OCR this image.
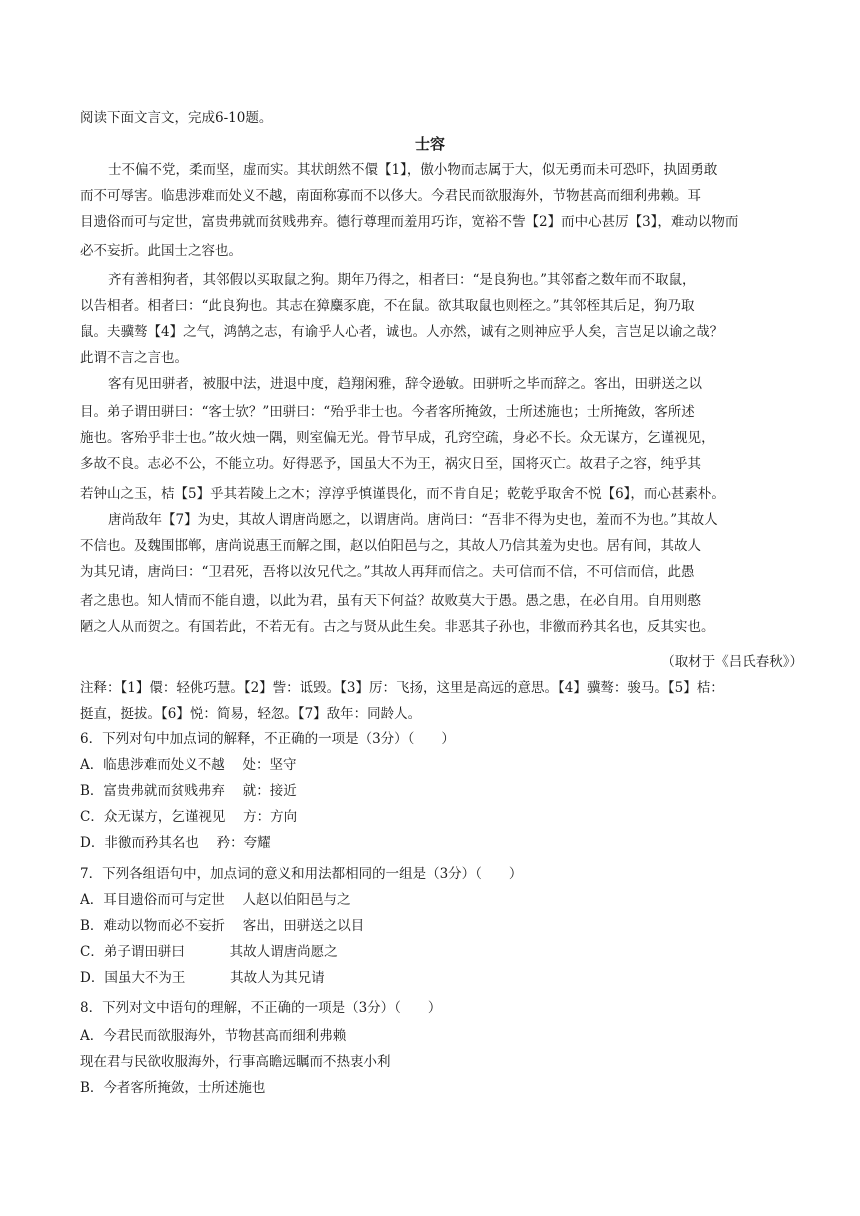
阅读下面文言文，完成6-10题。
士容
士不偏不党，柔而坚，虚而实。其状朗然不儇【1】，傲小物而志属于大，似无勇而未可恐吓，执固勇敢
而不可辱害。临患涉难而处义不越，南面称寡而不以侈大。今君民而欲服海外，节物甚高而细利弗赖。耳
目遗俗而可与定世，富贵弗就而贫贱弗弃。德行尊理而羞用巧诈，宽裕不訾【2】而中心甚厉【3】，难动以物而
必不妄折。此国士之容也。
齐有善相狗者，其邻假以买取鼠之狗。期年乃得之，相者曰：“是良狗也。”其邻畜之数年而不取鼠，
以告相者。相者曰：“此良狗也。其志在獐麋豕鹿，不在鼠。欲其取鼠也则桎之。”其邻桎其后足，狗乃取
鼠。夫骥骜【4】之气，鸿鹄之志，有谕乎人心者，诚也。人亦然，诚有之则神应乎人矣，言岂足以谕之哉？
此谓不言之言也。
客有见田骈者，被服中法，进退中度，趋翔闲雅，辞令逊敏。田骈听之毕而辞之。客出，田骈送之以
目。弟子谓田骈曰：“客士欤？”田骈曰：“殆乎非士也。今者客所掩敛，士所述施也；士所掩敛，客所述
施也。客殆乎非士也。”故火烛一隅，则室偏无光。骨节早成，孔窍空疏，身必不长。众无谋方，乞谨视见，
多故不良。志必不公，不能立功。好得恶予，国虽大不为王，祸灾日至，国将灭亡。故君子之容，纯乎其
若钟山之玉，桔【5】乎其若陵上之木；淳淳乎慎谨畏化，而不肯自足；乾乾乎取舍不悦【6】，而心甚素朴。
唐尚敌年【7】为史，其故人谓唐尚愿之，以谓唐尚。唐尚曰：“吾非不得为史也，羞而不为也。”其故人
不信也。及魏围邯郸，唐尚说惠王而解之围，赵以伯阳邑与之，其故人乃信其羞为史也。居有间，其故人
为其兄请，唐尚曰：“卫君死，吾将以汝兄代之。”其故人再拜而信之。夫可信而不信，不可信而信，此愚
者之患也。知人情而不能自遗，以此为君，虽有天下何益？故败莫大于愚。愚之患，在必自用。自用则憨
陋之人从而贺之。有国若此，不若无有。古之与贤从此生矣。非恶其子孙也，非徼而矜其名也，反其实也。
（取材于《吕氏春秋》）
注释：【1】儇：轻佻巧慧。【2】訾：诋毁。【3】厉：飞扬，这里是高远的意思。【4】骥骜：骏马。【5】桔：
挺直，挺拔。【6】悦：简易，轻忽。【7】敌年：同龄人。
6．下列对句中加点词的解释，不正确的一项是（3分）（　　）
A．临患涉难而处义不越　 处：坚守
B．富贵弗就而贫贱弗弃　 就：接近
C．众无谋方，乞谨视见　 方：方向
D．非徼而矜其名也　 矜：夸耀
7．下列各组语句中，加点词的意义和用法都相同的一组是（3分）（　　）
A．耳目遗俗而可与定世　 人赵以伯阳邑与之
B．难动以物而必不妄折　 客出，田骈送之以目
C．弟子谓田骈曰　　　 其故人谓唐尚愿之
D．国虽大不为王　　　 其故人为其兄请
8．下列对文中语句的理解，不正确的一项是（3分）（　　）
A．今君民而欲服海外，节物甚高而细利弗赖
现在君与民欲收服海外，行事高瞻远瞩而不热衷小利
B．今者客所掩敛，士所述施也
